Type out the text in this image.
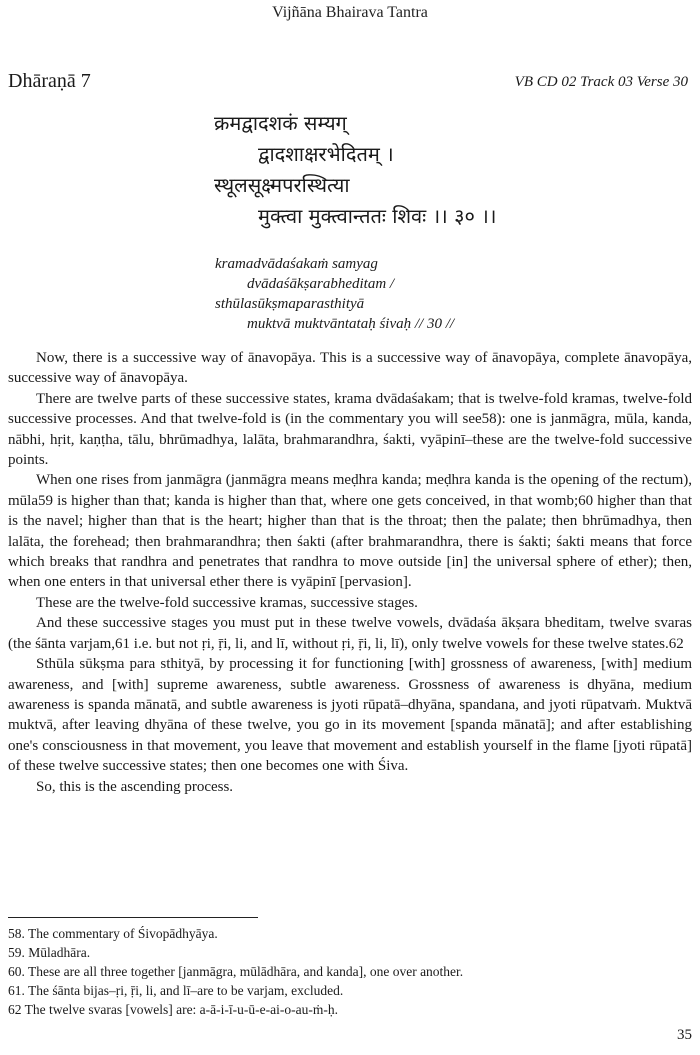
Vijñāna Bhairava Tantra
Dhāraṇā 7	VB CD 02 Track 03 Verse 30
क्रमद्वादशकं सम्यग्
द्वादशाक्षरभेदितम् ।
स्थूलसूक्ष्मपरस्थित्या
मुक्त्वा मुक्त्वान्ततः शिवः ।। ३० ।।
kramadvādaśakaṁ samyag
dvādaśākṣarabheditam /
sthūlasūkṣmaparasthityā
muktvā muktvāntataḥ śivaḥ // 30 //

Now, there is a successive way of ānavopāya. This is a successive way of ānavopāya, complete ānavopāya, successive way of ānavopāya.

There are twelve parts of these successive states, krama dvādaśakam; that is twelve-fold kramas, twelve-fold successive processes. And that twelve-fold is (in the commentary you will see58): one is janmāgra, mūla, kanda, nābhi, hṛit, kaṇṭha, tālu, bhrūmadhya, lalāta, brahmarandhra, śakti, vyāpinī–these are the twelve-fold successive points.

When one rises from janmāgra (janmāgra means meḍhra kanda; meḍhra kanda is the opening of the rectum), mūla59 is higher than that; kanda is higher than that, where one gets conceived, in that womb;60 higher than that is the navel; higher than that is the heart; higher than that is the throat; then the palate; then bhrūmadhya, then lalāta, the forehead; then brahmarandhra; then śakti (after brahmarandhra, there is śakti; śakti means that force which breaks that randhra and penetrates that randhra to move outside [in] the universal sphere of ether); then, when one enters in that universal ether there is vyāpinī [pervasion].

These are the twelve-fold successive kramas, successive stages.

And these successive stages you must put in these twelve vowels, dvādaśa ākṣara bheditam, twelve svaras (the śānta varjam,61 i.e. but not ṛi, ṝi, li, and lī, without ṛi, ṝi, li, lī), only twelve vowels for these twelve states.62

Sthūla sūkṣma para sthityā, by processing it for functioning [with] grossness of awareness, [with] medium awareness, and [with] supreme awareness, subtle awareness. Grossness of awareness is dhyāna, medium awareness is spanda mānatā, and subtle awareness is jyoti rūpatā–dhyāna, spandana, and jyoti rūpatvaṁ. Muktvā muktvā, after leaving dhyāna of these twelve, you go in its movement [spanda mānatā]; and after establishing one's consciousness in that movement, you leave that movement and establish yourself in the flame [jyoti rūpatā] of these twelve successive states; then one becomes one with Śiva.

So, this is the ascending process.

58. The commentary of Śivopādhyāya.
59. Mūladhāra.
60. These are all three together [janmāgra, mūlādhāra, and kanda], one over another.
61. The śānta bijas–ṛi, ṝi, li, and lī–are to be varjam, excluded.
62 The twelve svaras [vowels] are: a-ā-i-ī-u-ū-e-ai-o-au-ṁ-ḥ.
35
